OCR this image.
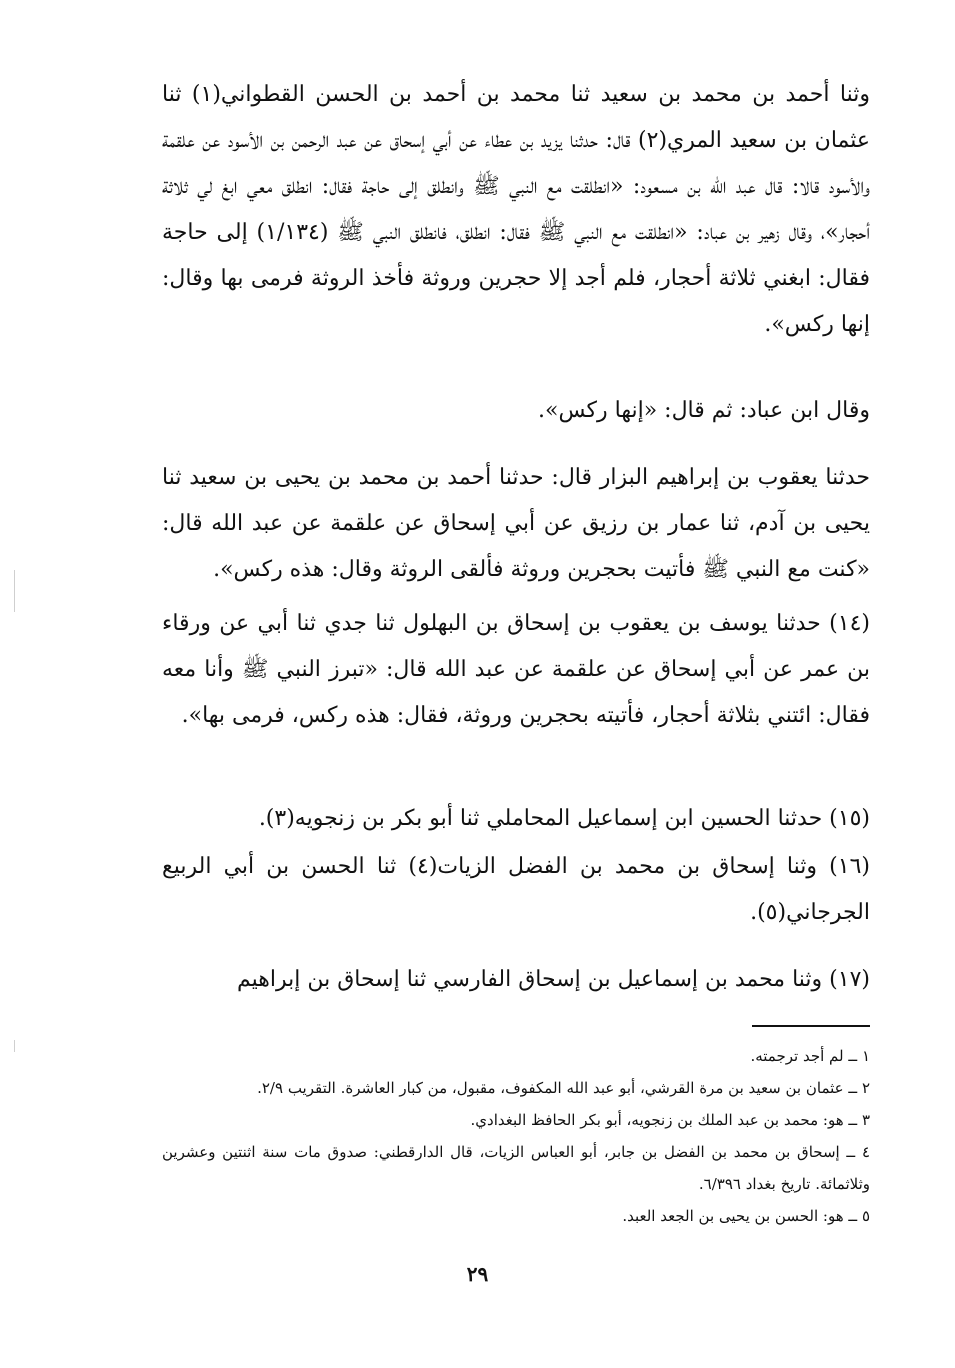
وثنا أحمد بن محمد بن سعيد ثنا محمد بن أحمد بن الحسن القطواني(١) ثنا عثمان بن سعيد المري(٢) قال: حدثنا يزيد بن عطاء عن أبي إسحاق عن عبد الرحمن بن الأسود عن علقمة والأسود قالا: قال عبد الله بن مسعود: «انطلقت مع النبي ﷺ وانطلق إلى حاجة فقال: انطلق معي ابغ لي ثلاثة أحجار»، وقال زهير بن عباد: «انطلقت مع النبي ﷺ فقال: انطلق، فانطلق النبي ﷺ (١/١٣٤) إلى حاجة فقال: ابغني ثلاثة أحجار، فلم أجد إلا حجرين وروثة فأخذ الروثة فرمى بها وقال: إنها ركس».
وقال ابن عباد: ثم قال: «إنها ركس».
حدثنا يعقوب بن إبراهيم البزار قال: حدثنا أحمد بن محمد بن يحيى بن سعيد ثنا يحيى بن آدم، ثنا عمار بن رزيق عن أبي إسحاق عن علقمة عن عبد الله قال: «كنت مع النبي ﷺ فأتيت بحجرين وروثة فألقى الروثة وقال: هذه ركس».
(١٤) حدثنا يوسف بن يعقوب بن إسحاق بن البهلول ثنا جدي ثنا أبي عن ورقاء بن عمر عن أبي إسحاق عن علقمة عن عبد الله قال: «تبرز النبي ﷺ وأنا معه فقال: ائتني بثلاثة أحجار، فأتيته بحجرين وروثة، فقال: هذه ركس، فرمى بها».
(١٥) حدثنا الحسين ابن إسماعيل المحاملي ثنا أبو بكر بن زنجويه(٣).
(١٦) وثنا إسحاق بن محمد بن الفضل الزيات(٤) ثنا الحسن بن أبي الربيع الجرجاني(٥).
(١٧) وثنا محمد بن إسماعيل بن إسحاق الفارسي ثنا إسحاق بن إبراهيم
١ ــ لم أجد ترجمته.
٢ ــ عثمان بن سعيد بن مرة القرشي، أبو عبد الله المكفوف، مقبول، من كبار العاشرة. التقريب ٢/٩.
٣ ــ هو: محمد بن عبد الملك بن زنجويه، أبو بكر الحافظ البغدادي.
٤ ــ إسحاق بن محمد بن الفضل بن جابر، أبو العباس الزيات، قال الدارقطني: صدوق مات سنة اثنتين وعشرين وثلاثمائة. تاريخ بغداد ٦/٣٩٦.
٥ ــ هو: الحسن بن يحيى بن الجعد العبد.
٢٩
